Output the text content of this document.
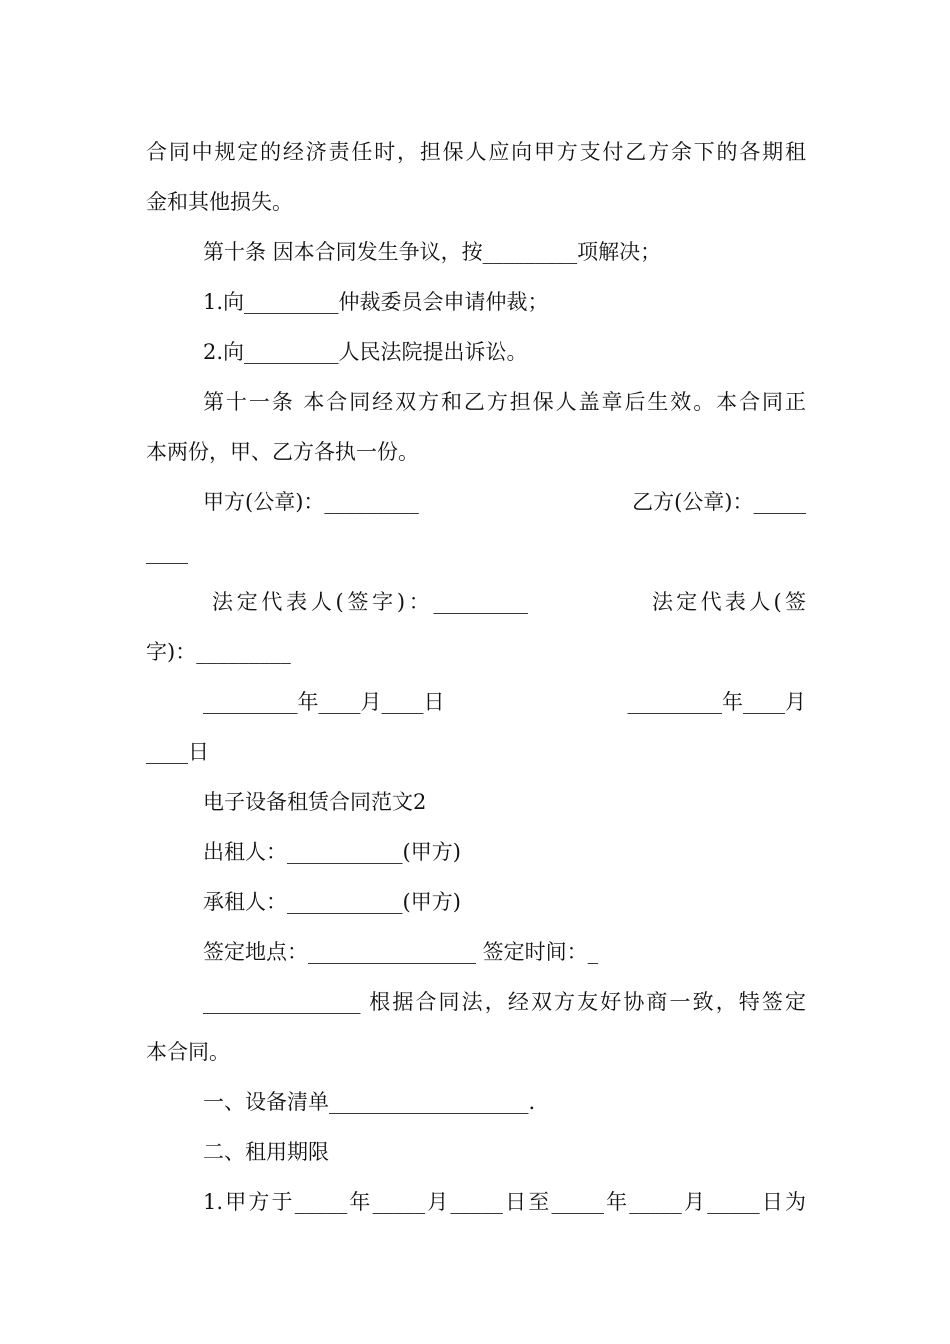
合同中规定的经济责任时，担保人应向甲方支付乙方余下的各期租

金和其他损失。

第十条 因本合同发生争议，按_________项解决；

1.向_________仲裁委员会申请仲裁；

2.向_________人民法院提出诉讼。

第十一条 本合同经双方和乙方担保人盖章后生效。本合同正

本两份，甲、乙方各执一份。

甲方(公章)：_________

	乙方(公章)：_____

____

法定代表人(签字)：_________

	法定代表人(签

字)：_________

_________年____月____日

	_________年____月

____日

电子设备租赁合同范文2

出租人：___________(甲方)

承租人：___________(甲方)

签定地点：________________ 签定时间：_

_______________ 根据合同法，经双方友好协商一致，特签定

本合同。

一、设备清单___________________.

二、租用期限

1.甲方于_____年_____月_____日至_____年_____月_____日为
